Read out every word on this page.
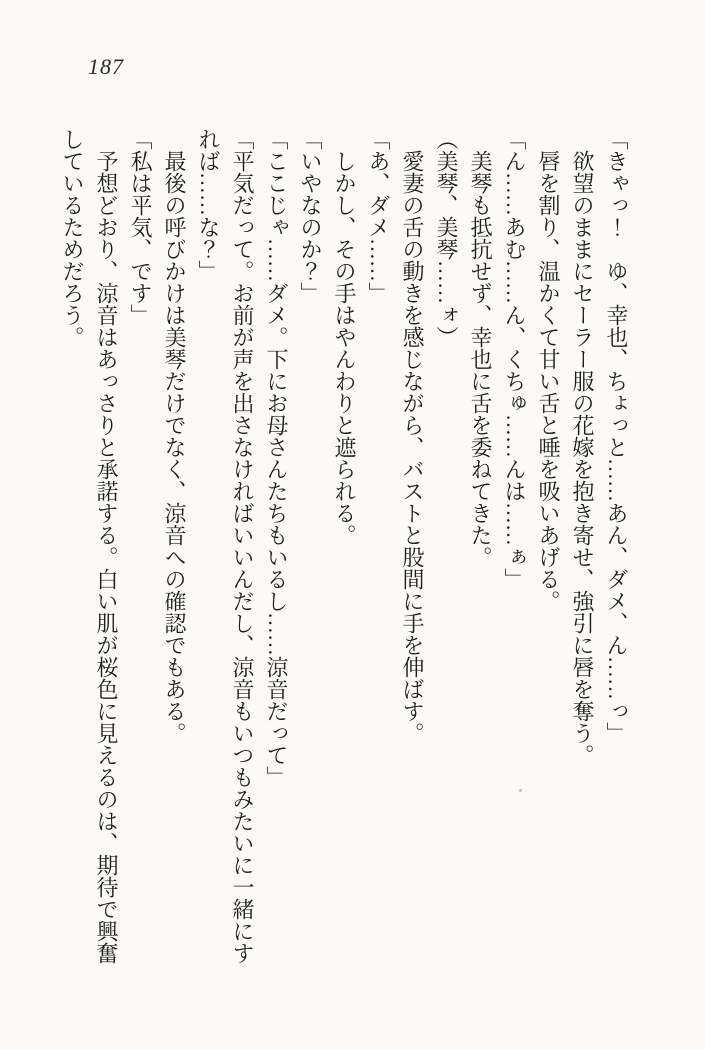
187

「きゃっ！　ゆ、幸也、ちょっと……あん、ダメ、ん……っ」

欲望のままにセーラー服の花嫁を抱き寄せ、強引に唇を奪う。

唇を割り、温かくて甘い舌と唾を吸いあげる。

「ん……あむ……ん、くちゅ……んは……ぁ」

美琴も抵抗せず、幸也に舌を委ねてきた。

（美琴、美琴……ォ）

愛妻の舌の動きを感じながら、バストと股間に手を伸ばす。

「あ、ダメ……」

しかし、その手はやんわりと遮られる。

「いやなのか？」

「ここじゃ……ダメ。下にお母さんたちもいるし……涼音だって」

「平気だって。お前が声を出さなければいいんだし、涼音もいつもみたいに一緒にすれば……な？」

最後の呼びかけは美琴だけでなく、涼音への確認でもある。

「私は平気、です」

予想どおり、涼音はあっさりと承諾する。白い肌が桜色に見えるのは、期待で興奮しているためだろう。
